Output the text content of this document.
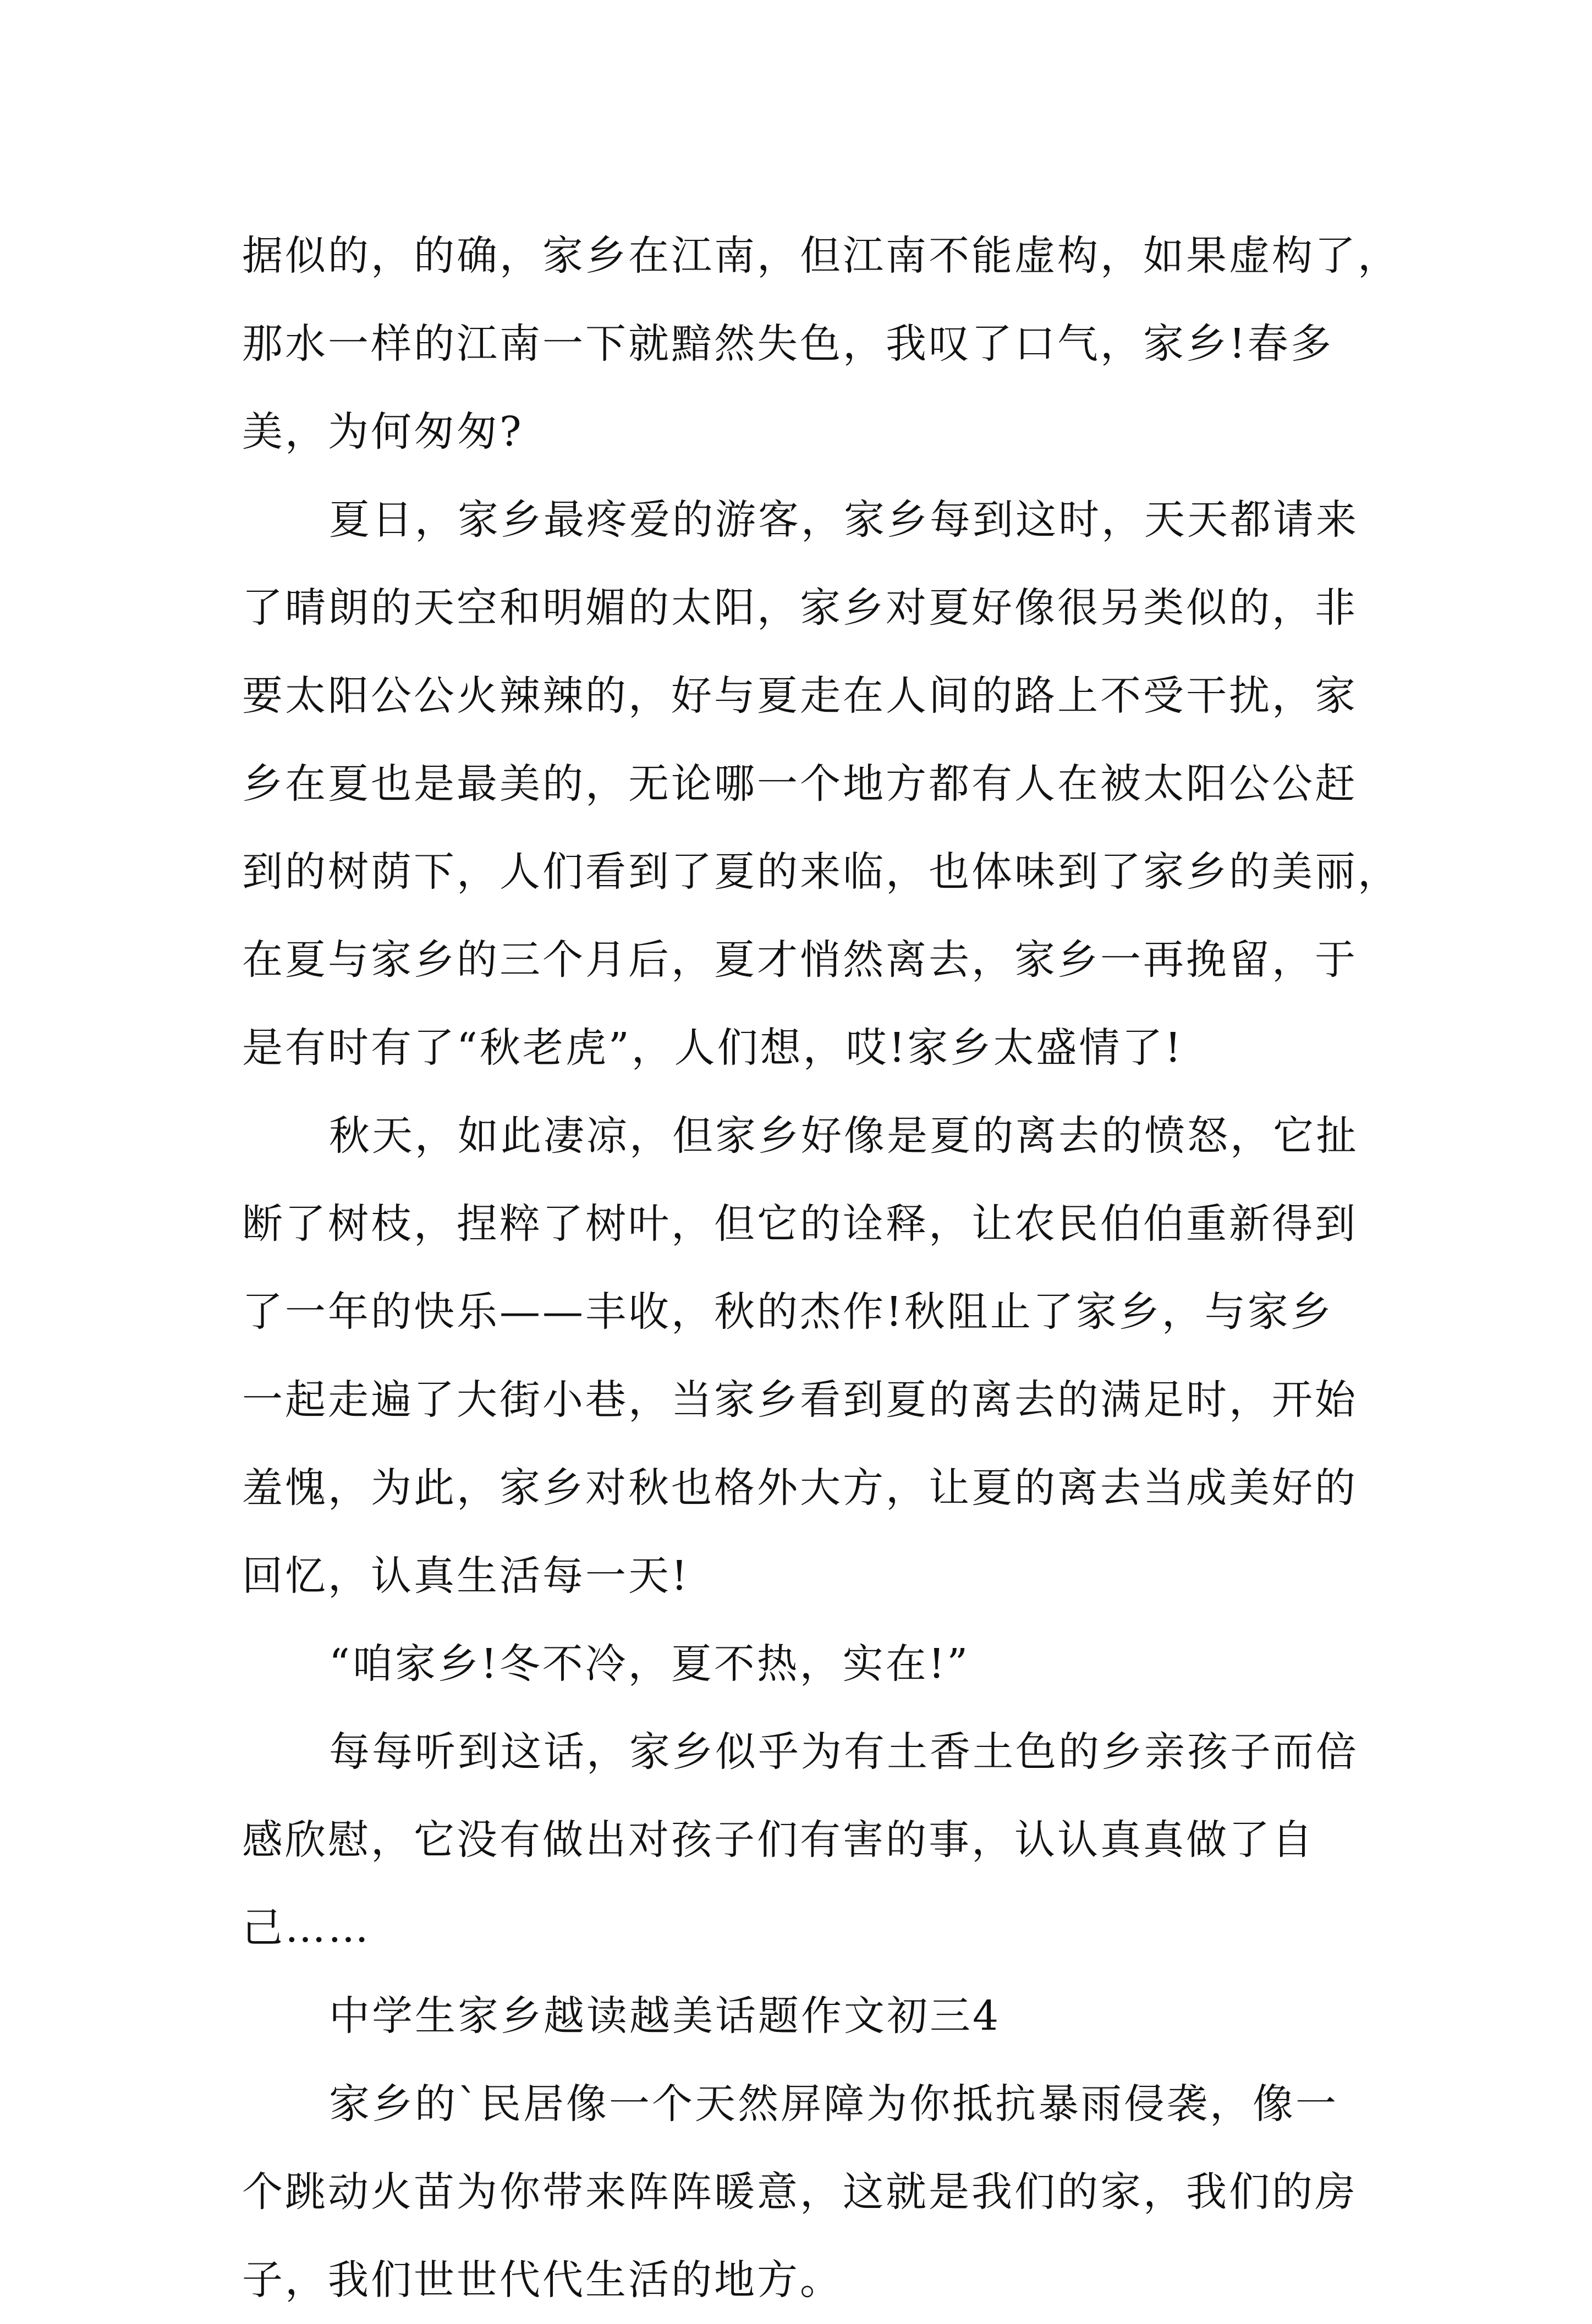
据似的，的确，家乡在江南，但江南不能虚构，如果虚构了，
那水一样的江南一下就黯然失色，我叹了口气，家乡!春多
美，为何匆匆?
夏日，家乡最疼爱的游客，家乡每到这时，天天都请来
了晴朗的天空和明媚的太阳，家乡对夏好像很另类似的，非
要太阳公公火辣辣的，好与夏走在人间的路上不受干扰，家
乡在夏也是最美的，无论哪一个地方都有人在被太阳公公赶
到的树荫下，人们看到了夏的来临，也体味到了家乡的美丽，
在夏与家乡的三个月后，夏才悄然离去，家乡一再挽留，于
是有时有了“秋老虎”，人们想，哎!家乡太盛情了!
秋天，如此凄凉，但家乡好像是夏的离去的愤怒，它扯
断了树枝，捏粹了树叶，但它的诠释，让农民伯伯重新得到
了一年的快乐——丰收，秋的杰作!秋阻止了家乡，与家乡
一起走遍了大街小巷，当家乡看到夏的离去的满足时，开始
羞愧，为此，家乡对秋也格外大方，让夏的离去当成美好的
回忆，认真生活每一天!
“咱家乡!冬不冷，夏不热，实在!”
每每听到这话，家乡似乎为有土香土色的乡亲孩子而倍
感欣慰，它没有做出对孩子们有害的事，认认真真做了自
己……
中学生家乡越读越美话题作文初三4
家乡的`民居像一个天然屏障为你抵抗暴雨侵袭，像一
个跳动火苗为你带来阵阵暖意，这就是我们的家，我们的房
子，我们世世代代生活的地方。
